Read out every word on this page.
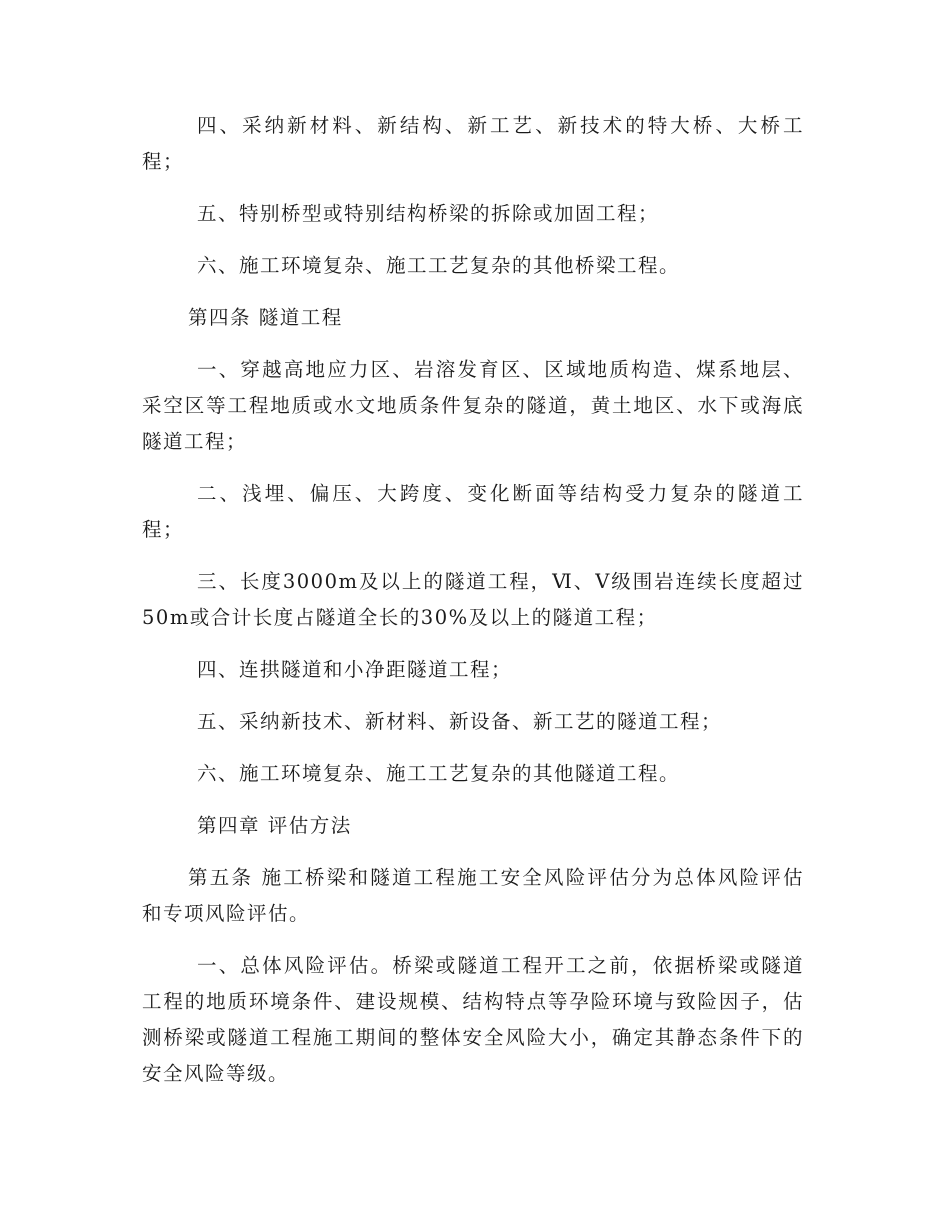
四、采纳新材料、新结构、新工艺、新技术的特大桥、大桥工程；

五、特别桥型或特别结构桥梁的拆除或加固工程；

六、施工环境复杂、施工工艺复杂的其他桥梁工程。

第四条 隧道工程

一、穿越高地应力区、岩溶发育区、区域地质构造、煤系地层、采空区等工程地质或水文地质条件复杂的隧道，黄土地区、水下或海底隧道工程；

二、浅埋、偏压、大跨度、变化断面等结构受力复杂的隧道工程；

三、长度3000m及以上的隧道工程，Ⅵ、Ⅴ级围岩连续长度超过50m或合计长度占隧道全长的30%及以上的隧道工程；

四、连拱隧道和小净距隧道工程；

五、采纳新技术、新材料、新设备、新工艺的隧道工程；

六、施工环境复杂、施工工艺复杂的其他隧道工程。

第四章 评估方法

第五条 施工桥梁和隧道工程施工安全风险评估分为总体风险评估和专项风险评估。

一、总体风险评估。桥梁或隧道工程开工之前，依据桥梁或隧道工程的地质环境条件、建设规模、结构特点等孕险环境与致险因子，估测桥梁或隧道工程施工期间的整体安全风险大小，确定其静态条件下的安全风险等级。
